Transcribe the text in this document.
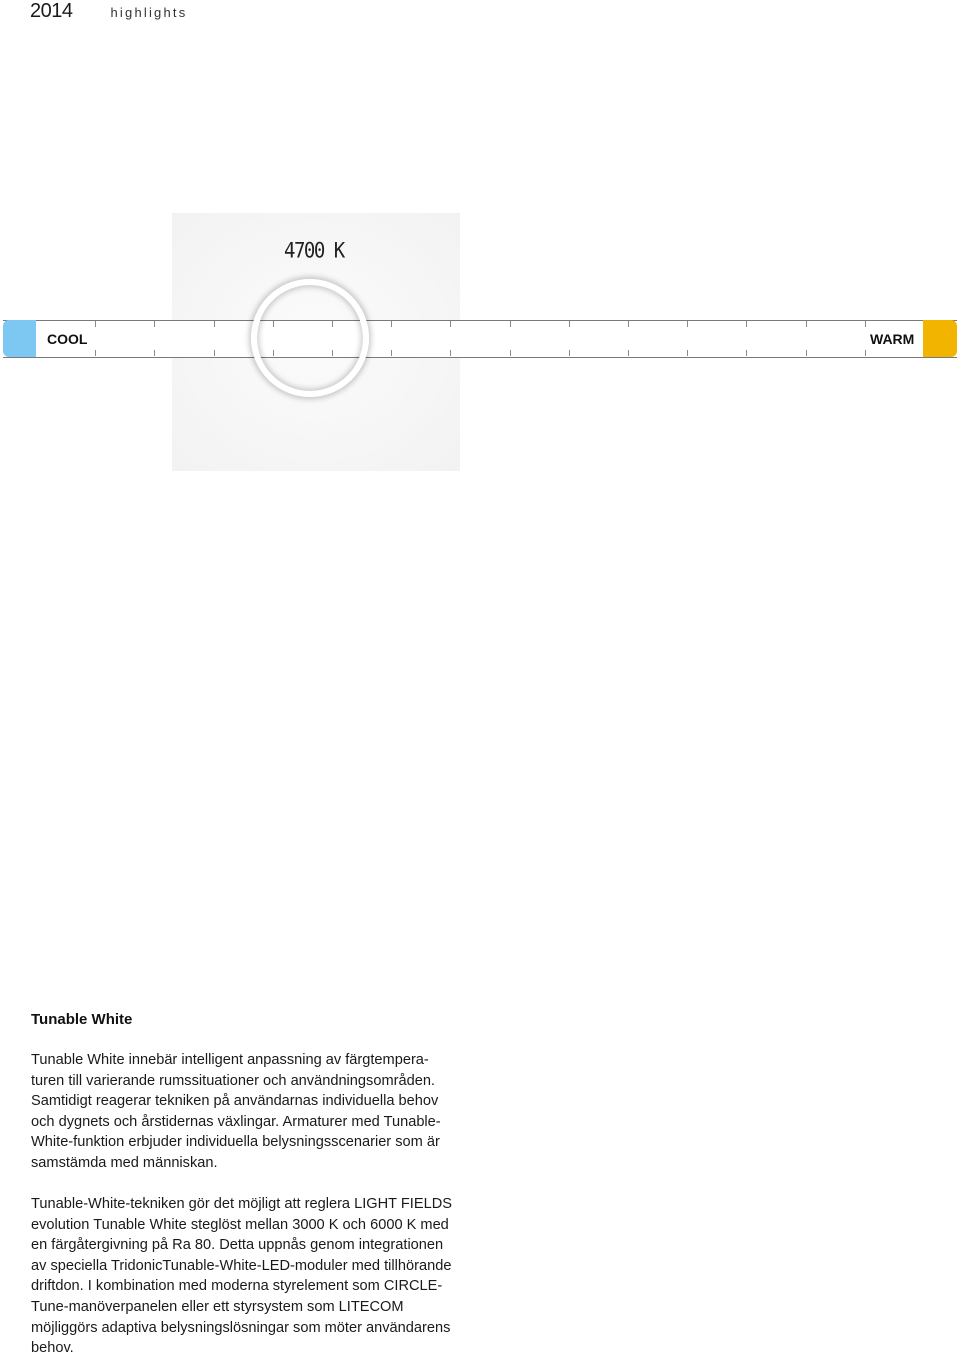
2014	highlights
4700 K
COOL	WARM
Tunable White

Tunable White innebär intelligent anpassning av färgtempera-
turen till varierande rumssituationer och användningsområden.
Samtidigt reagerar tekniken på användarnas individuella behov
och dygnets och årstidernas växlingar. Armaturer med Tunable-
White-funktion erbjuder individuella belysningsscenarier som är
samstämda med människan.

Tunable-White-tekniken gör det möjligt att reglera LIGHT FIELDS
evolution Tunable White steglöst mellan 3000 K och 6000 K med
en färgåtergivning på Ra 80. Detta uppnås genom integrationen
av speciella TridonicTunable-White-LED-moduler med tillhörande
driftdon. I kombination med moderna styrelement som CIRCLE-
Tune-manöverpanelen eller ett styrsystem som LITECOM
möjliggörs adaptiva belysningslösningar som möter användarens
behov.
